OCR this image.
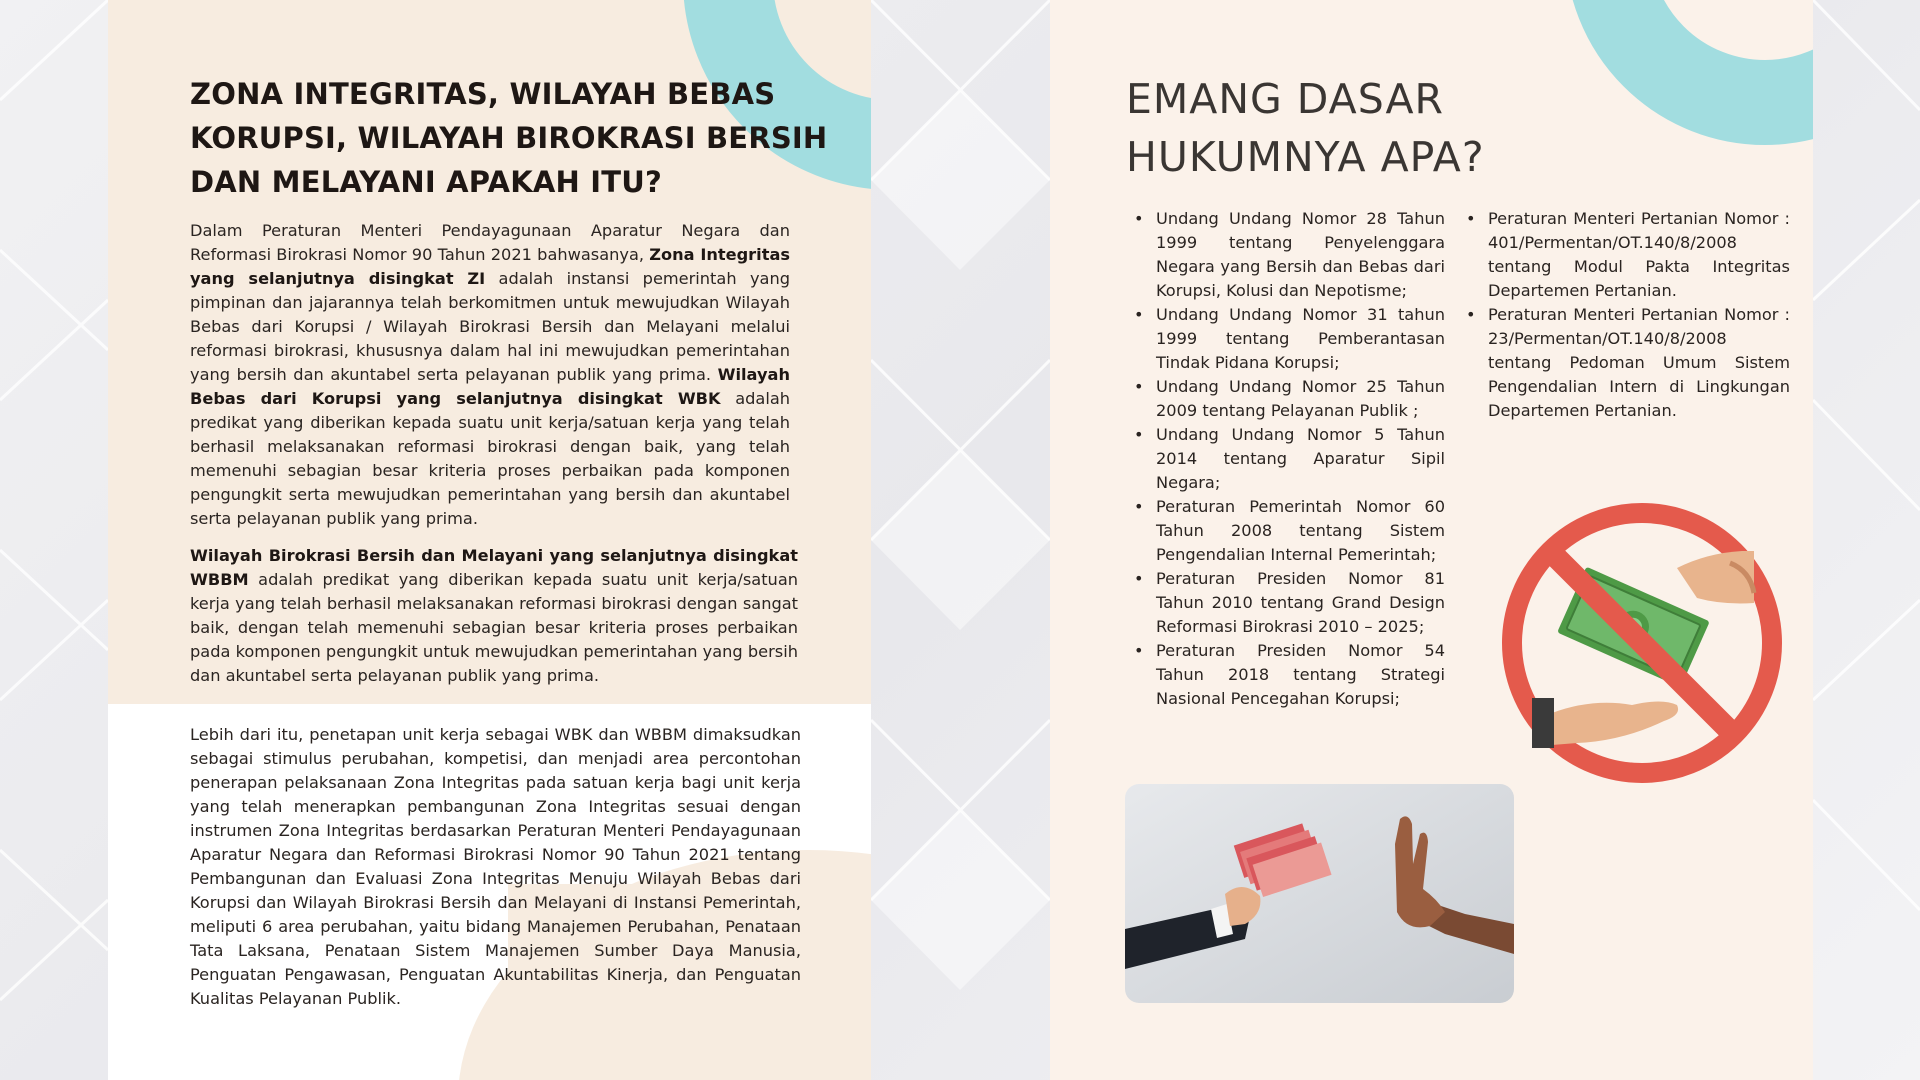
ZONA INTEGRITAS, WILAYAH BEBAS KORUPSI, WILAYAH BIROKRASI BERSIH DAN MELAYANI APAKAH ITU?

Dalam Peraturan Menteri Pendayagunaan Aparatur Negara dan Reformasi Birokrasi Nomor 90 Tahun 2021 bahwasanya, Zona Integritas yang selanjutnya disingkat ZI adalah instansi pemerintah yang pimpinan dan jajarannya telah berkomitmen untuk mewujudkan Wilayah Bebas dari Korupsi / Wilayah Birokrasi Bersih dan Melayani melalui reformasi birokrasi, khususnya dalam hal ini mewujudkan pemerintahan yang bersih dan akuntabel serta pelayanan publik yang prima. Wilayah Bebas dari Korupsi yang selanjutnya disingkat WBK adalah predikat yang diberikan kepada suatu unit kerja/satuan kerja yang telah berhasil melaksanakan reformasi birokrasi dengan baik, yang telah memenuhi sebagian besar kriteria proses perbaikan pada komponen pengungkit serta mewujudkan pemerintahan yang bersih dan akuntabel serta pelayanan publik yang prima.

Wilayah Birokrasi Bersih dan Melayani yang selanjutnya disingkat WBBM adalah predikat yang diberikan kepada suatu unit kerja/satuan kerja yang telah berhasil melaksanakan reformasi birokrasi dengan sangat baik, dengan telah memenuhi sebagian besar kriteria proses perbaikan pada komponen pengungkit untuk mewujudkan pemerintahan yang bersih dan akuntabel serta pelayanan publik yang prima.

Lebih dari itu, penetapan unit kerja sebagai WBK dan WBBM dimaksudkan sebagai stimulus perubahan, kompetisi, dan menjadi area percontohan penerapan pelaksanaan Zona Integritas pada satuan kerja bagi unit kerja yang telah menerapkan pembangunan Zona Integritas sesuai dengan instrumen Zona Integritas berdasarkan Peraturan Menteri Pendayagunaan Aparatur Negara dan Reformasi Birokrasi Nomor 90 Tahun 2021 tentang Pembangunan dan Evaluasi Zona Integritas Menuju Wilayah Bebas dari Korupsi dan Wilayah Birokrasi Bersih dan Melayani di Instansi Pemerintah, meliputi 6 area perubahan, yaitu bidang Manajemen Perubahan, Penataan Tata Laksana, Penataan Sistem Manajemen Sumber Daya Manusia, Penguatan Pengawasan, Penguatan Akuntabilitas Kinerja, dan Penguatan Kualitas Pelayanan Publik.

EMANG DASAR
HUKUMNYA APA?
• Undang Undang Nomor 28 Tahun 1999 tentang Penyelenggara Negara yang Bersih dan Bebas dari Korupsi, Kolusi dan Nepotisme;
• Undang Undang Nomor 31 tahun 1999 tentang Pemberantasan Tindak Pidana Korupsi;
• Undang Undang Nomor 25 Tahun 2009 tentang Pelayanan Publik ;
• Undang Undang Nomor 5 Tahun 2014 tentang Aparatur Sipil Negara;
• Peraturan Pemerintah Nomor 60 Tahun 2008 tentang Sistem Pengendalian Internal Pemerintah;
• Peraturan Presiden Nomor 81 Tahun 2010 tentang Grand Design Reformasi Birokrasi 2010 – 2025;
• Peraturan Presiden Nomor 54 Tahun 2018 tentang Strategi Nasional Pencegahan Korupsi;
• Peraturan Menteri Pertanian Nomor : 401/Permentan/OT.140/8/2008 tentang Modul Pakta Integritas Departemen Pertanian.
• Peraturan Menteri Pertanian Nomor : 23/Permentan/OT.140/8/2008 tentang Pedoman Umum Sistem Pengendalian Intern di Lingkungan Departemen Pertanian.
